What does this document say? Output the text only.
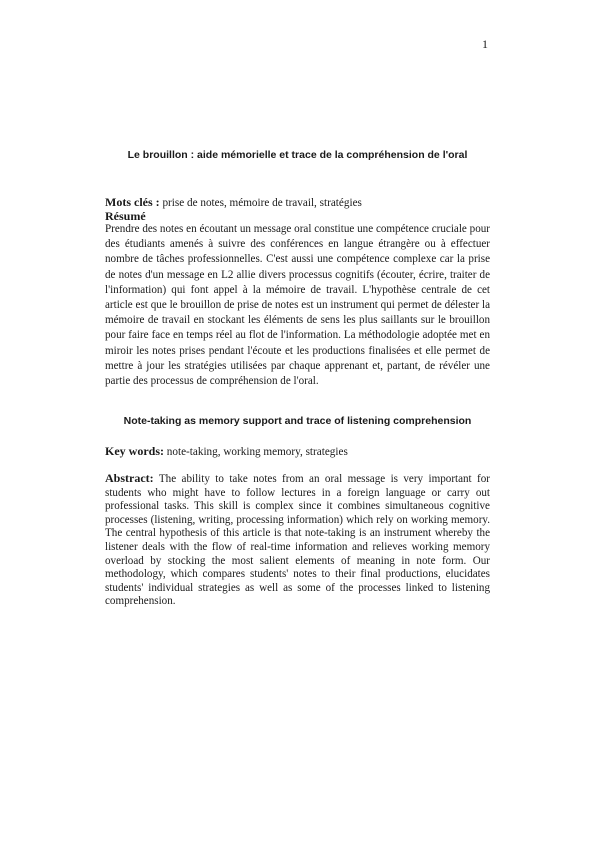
1
Le brouillon : aide mémorielle et trace de la compréhension de l'oral
Mots clés : prise de notes, mémoire de travail, stratégies
Résumé
Prendre des notes en écoutant un message oral constitue une compétence cruciale pour des étudiants amenés à suivre des conférences en langue étrangère ou à effectuer nombre de tâches professionnelles. C'est aussi une compétence complexe car la prise de notes d'un message en L2 allie divers processus cognitifs (écouter, écrire, traiter de l'information) qui font appel à la mémoire de travail. L'hypothèse centrale de cet article est que le brouillon de prise de notes est un instrument qui permet de délester la mémoire de travail en stockant les éléments de sens les plus saillants sur le brouillon pour faire face en temps réel au flot de l'information. La méthodologie adoptée met en miroir les notes prises pendant l'écoute et les productions finalisées et elle permet de mettre à jour les stratégies utilisées par chaque apprenant et, partant, de révéler une partie des processus de compréhension de l'oral.
Note-taking as memory support and trace of listening comprehension
Key words: note-taking, working memory, strategies
Abstract: The ability to take notes from an oral message is very important for students who might have to follow lectures in a foreign language or carry out professional tasks. This skill is complex since it combines simultaneous cognitive processes (listening, writing, processing information) which rely on working memory. The central hypothesis of this article is that note-taking is an instrument whereby the listener deals with the flow of real-time information and relieves working memory overload by stocking the most salient elements of meaning in note form. Our methodology, which compares students' notes to their final productions, elucidates students' individual strategies as well as some of the processes linked to listening comprehension.
